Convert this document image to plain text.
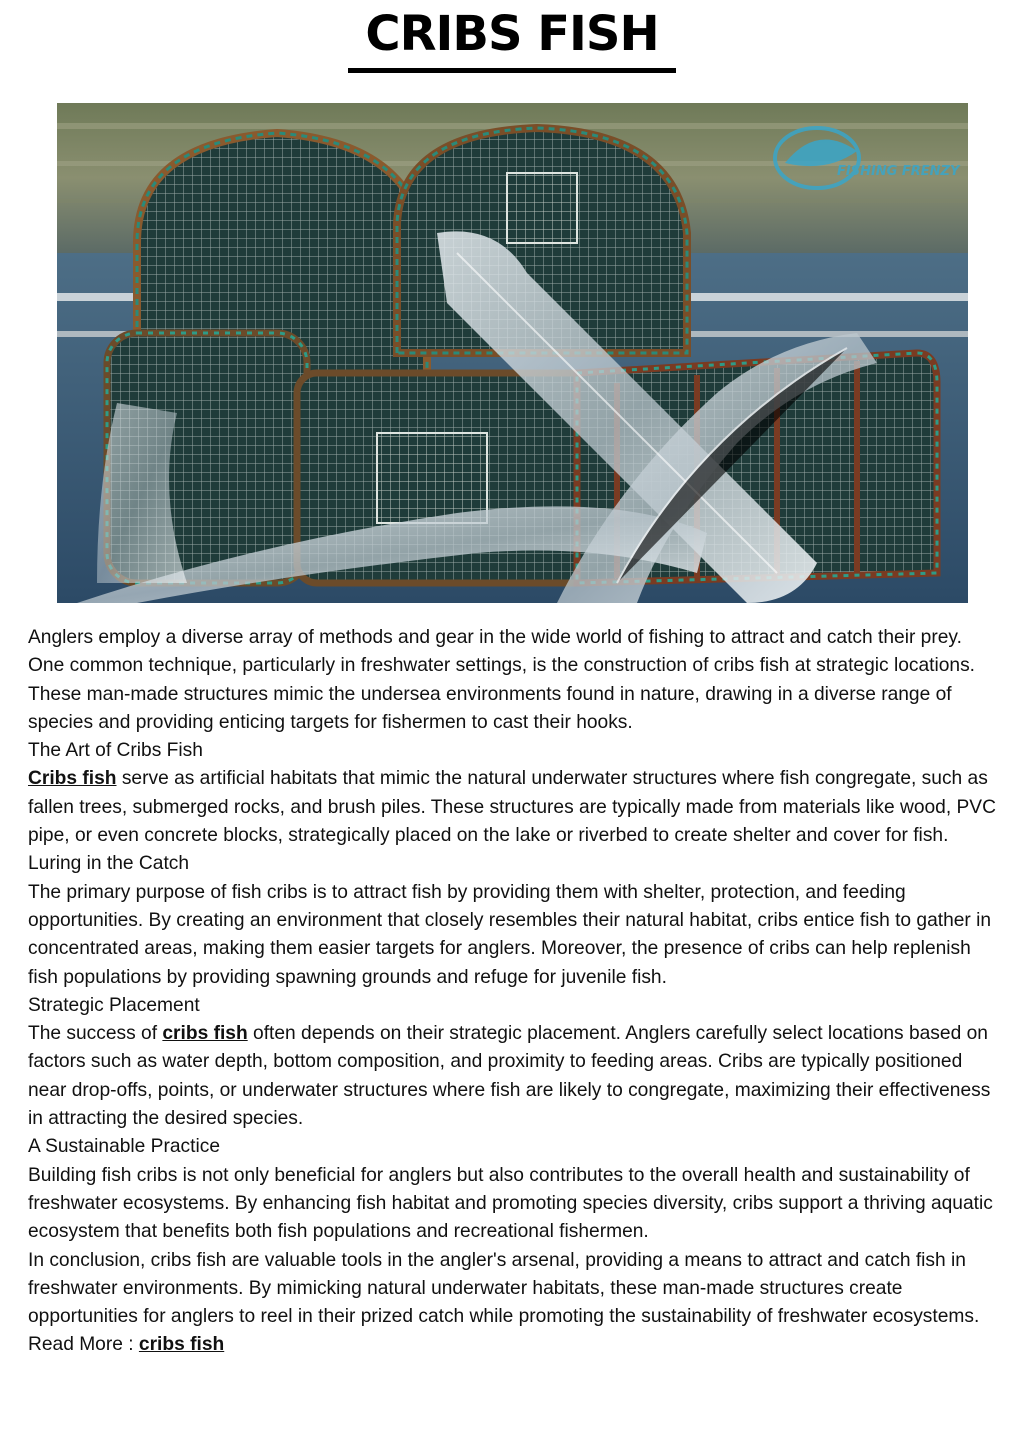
CRIBS FISH
FISHING FRENZY

Anglers employ a diverse array of methods and gear in the wide world of fishing to attract and catch their prey. One common technique, particularly in freshwater settings, is the construction of cribs fish at strategic locations. These man-made structures mimic the undersea environments found in nature, drawing in a diverse range of species and providing enticing targets for fishermen to cast their hooks.

The Art of Cribs Fish

Cribs fish serve as artificial habitats that mimic the natural underwater structures where fish congregate, such as fallen trees, submerged rocks, and brush piles. These structures are typically made from materials like wood, PVC pipe, or even concrete blocks, strategically placed on the lake or riverbed to create shelter and cover for fish.

Luring in the Catch

The primary purpose of fish cribs is to attract fish by providing them with shelter, protection, and feeding opportunities. By creating an environment that closely resembles their natural habitat, cribs entice fish to gather in concentrated areas, making them easier targets for anglers. Moreover, the presence of cribs can help replenish fish populations by providing spawning grounds and refuge for juvenile fish.

Strategic Placement

The success of cribs fish often depends on their strategic placement. Anglers carefully select locations based on factors such as water depth, bottom composition, and proximity to feeding areas. Cribs are typically positioned near drop-offs, points, or underwater structures where fish are likely to congregate, maximizing their effectiveness in attracting the desired species.

A Sustainable Practice

Building fish cribs is not only beneficial for anglers but also contributes to the overall health and sustainability of freshwater ecosystems. By enhancing fish habitat and promoting species diversity, cribs support a thriving aquatic ecosystem that benefits both fish populations and recreational fishermen.

In conclusion, cribs fish are valuable tools in the angler's arsenal, providing a means to attract and catch fish in freshwater environments. By mimicking natural underwater habitats, these man-made structures create opportunities for anglers to reel in their prized catch while promoting the sustainability of freshwater ecosystems.

Read More : cribs fish
